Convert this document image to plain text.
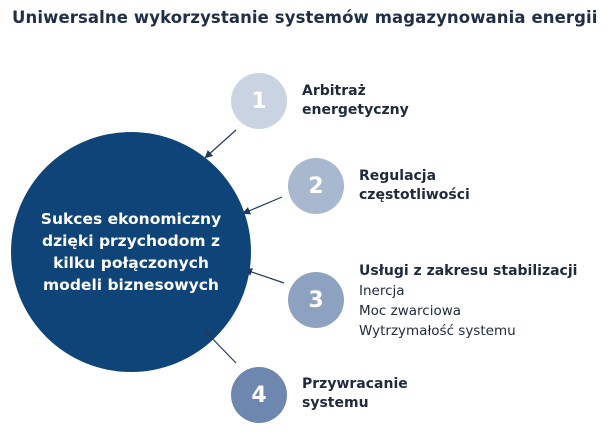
Uniwersalne wykorzystanie systemów magazynowania energii
Sukces ekonomiczny
dzięki przychodom z
kilku połączonych
modeli biznesowych
1	Arbitraż
energetyczny
2	Regulacja
częstotliwości
3
Usługi z zakresu stabilizacji
Inercja
Moc zwarciowa
Wytrzymałość systemu
4	Przywracanie
systemu
